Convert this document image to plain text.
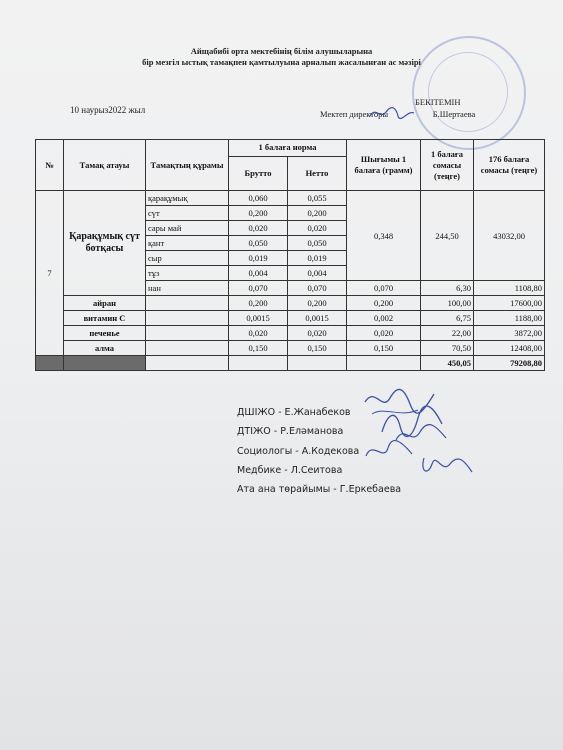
Айщабибі орта мектебінің білім алушыларына
бір мезгіл ыстық тамақпен қамтылуына арналып жасалынған ас мәзірі
10 наурыз2022 жыл
БЕКІТЕМІН
Мектеп директоры                     Б.Шертаева
№	Тамақ атауы	Тамақтың құрамы	1 балаға норма		Шығымы 1 балаға (грамм)	1 балаға сомасы (теңге)	176 балаға сомасы (теңге)
			Брутто	Нетто			
7	Қарақұмық сүт ботқасы	қарақұмық	0,060	0,055	0,348	244,50	43032,00
		сүт	0,200	0,200			
		сары май	0,020	0,020			
		қант	0,050	0,050			
		сыр	0,019	0,019			
		тұз	0,004	0,004			
		нан	0,070	0,070	0,070	6,30	1108,80
	айран		0,200	0,200	0,200	100,00	17600,00
	витамин С		0,0015	0,0015	0,002	6,75	1188,00
	печенье		0,020	0,020	0,020	22,00	3872,00
	алма		0,150	0,150	0,150	70,50	12408,00
						450,05	79208,80
ДШІЖО - Е.Жанабеков
ДТІЖО - Р.Еләманова
Социологы - А.Кодекова
Медбике - Л.Сеитова
Ата ана төрайымы - Г.Еркебаева
